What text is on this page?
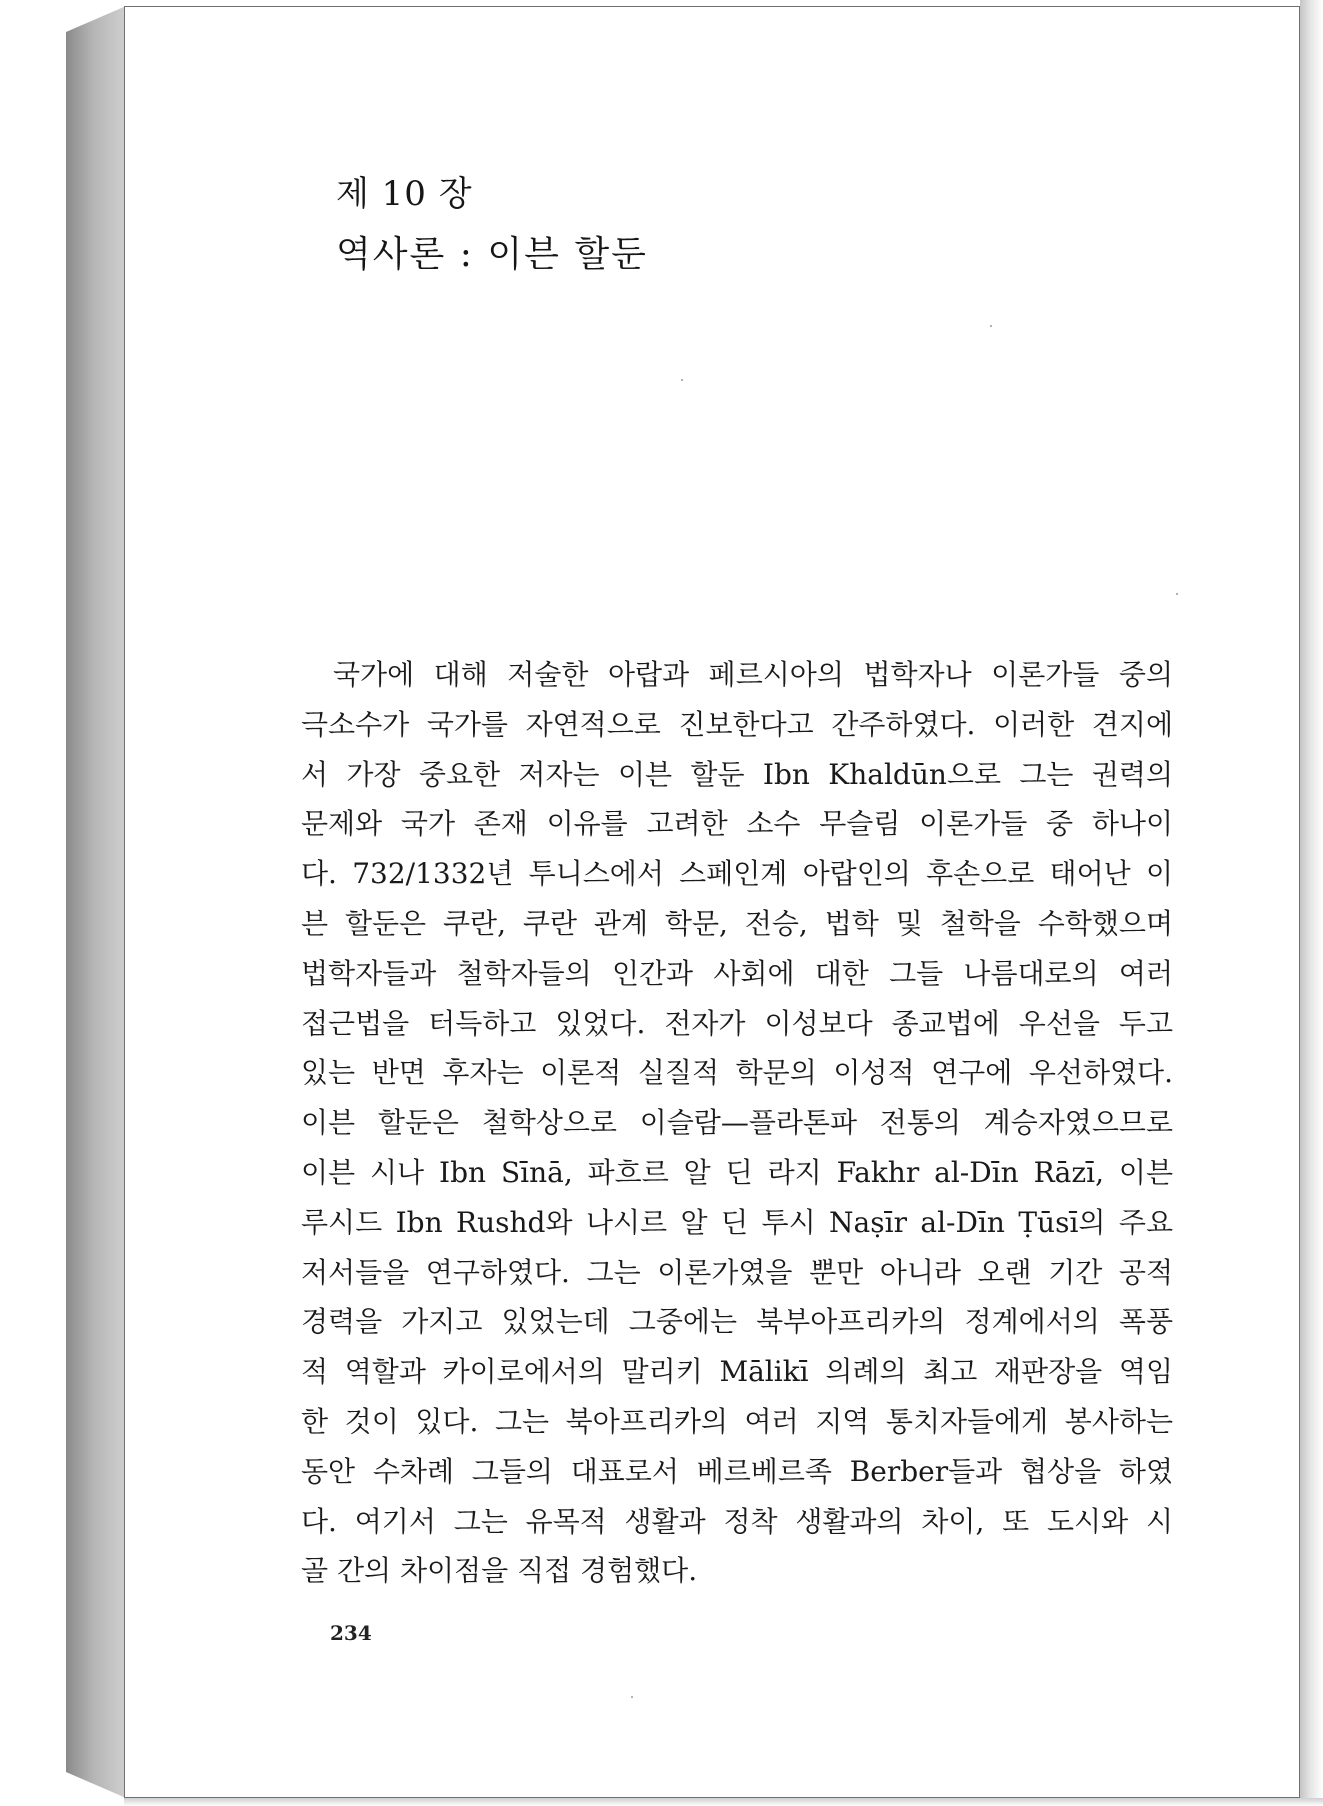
제 10 장
역사론 : 이븐 할둔
국가에 대해 저술한 아랍과 페르시아의 법학자나 이론가들 중의
극소수가 국가를 자연적으로 진보한다고 간주하였다. 이러한 견지에
서 가장 중요한 저자는 이븐 할둔 Ibn Khaldūn으로 그는 권력의
문제와 국가 존재 이유를 고려한 소수 무슬림 이론가들 중 하나이
다. 732/1332년 투니스에서 스페인계 아랍인의 후손으로 태어난 이
븐 할둔은 쿠란, 쿠란 관계 학문, 전승, 법학 및 철학을 수학했으며
법학자들과 철학자들의 인간과 사회에 대한 그들 나름대로의 여러
접근법을 터득하고 있었다. 전자가 이성보다 종교법에 우선을 두고
있는 반면 후자는 이론적 실질적 학문의 이성적 연구에 우선하였다.
이븐 할둔은 철학상으로 이슬람—플라톤파 전통의 계승자였으므로
이븐 시나 Ibn Sīnā, 파흐르 알 딘 라지 Fakhr al-Dīn Rāzī, 이븐
루시드 Ibn Rushd와 나시르 알 딘 투시 Naṣīr al-Dīn Ṭūsī의 주요
저서들을 연구하였다. 그는 이론가였을 뿐만 아니라 오랜 기간 공적
경력을 가지고 있었는데 그중에는 북부아프리카의 정계에서의 폭풍
적 역할과 카이로에서의 말리키 Mālikī 의례의 최고 재판장을 역임
한 것이 있다. 그는 북아프리카의 여러 지역 통치자들에게 봉사하는
동안 수차례 그들의 대표로서 베르베르족 Berber들과 협상을 하였
다. 여기서 그는 유목적 생활과 정착 생활과의 차이, 또 도시와 시
골 간의 차이점을 직접 경험했다.
234
